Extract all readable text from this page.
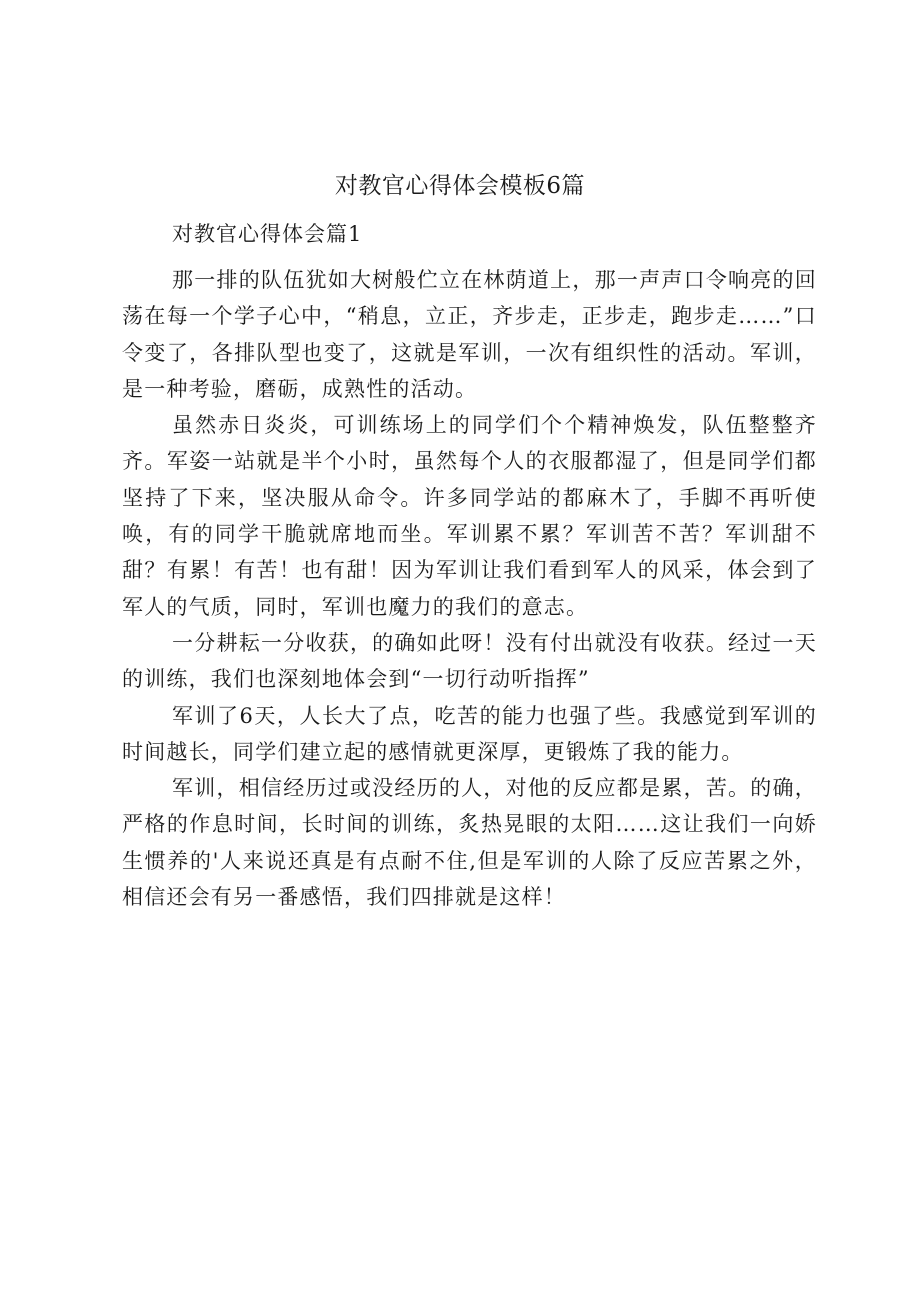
对教官心得体会模板6篇
对教官心得体会篇1

那一排的队伍犹如大树般伫立在林荫道上，那一声声口令响亮的回荡在每一个学子心中，“稍息，立正，齐步走，正步走，跑步走……”口令变了，各排队型也变了，这就是军训，一次有组织性的活动。军训，是一种考验，磨砺，成熟性的活动。

虽然赤日炎炎，可训练场上的同学们个个精神焕发，队伍整整齐齐。军姿一站就是半个小时，虽然每个人的衣服都湿了，但是同学们都坚持了下来，坚决服从命令。许多同学站的都麻木了，手脚不再听使唤，有的同学干脆就席地而坐。军训累不累？军训苦不苦？军训甜不甜？有累！有苦！也有甜！因为军训让我们看到军人的风采，体会到了军人的气质，同时，军训也魔力的我们的意志。

一分耕耘一分收获，的确如此呀！没有付出就没有收获。经过一天的训练，我们也深刻地体会到“一切行动听指挥”

军训了6天，人长大了点，吃苦的能力也强了些。我感觉到军训的时间越长，同学们建立起的感情就更深厚，更锻炼了我的能力。

军训，相信经历过或没经历的人，对他的反应都是累，苦。的确，严格的作息时间，长时间的训练，炙热晃眼的太阳……这让我们一向娇生惯养的'人来说还真是有点耐不住,但是军训的人除了反应苦累之外，相信还会有另一番感悟，我们四排就是这样！
